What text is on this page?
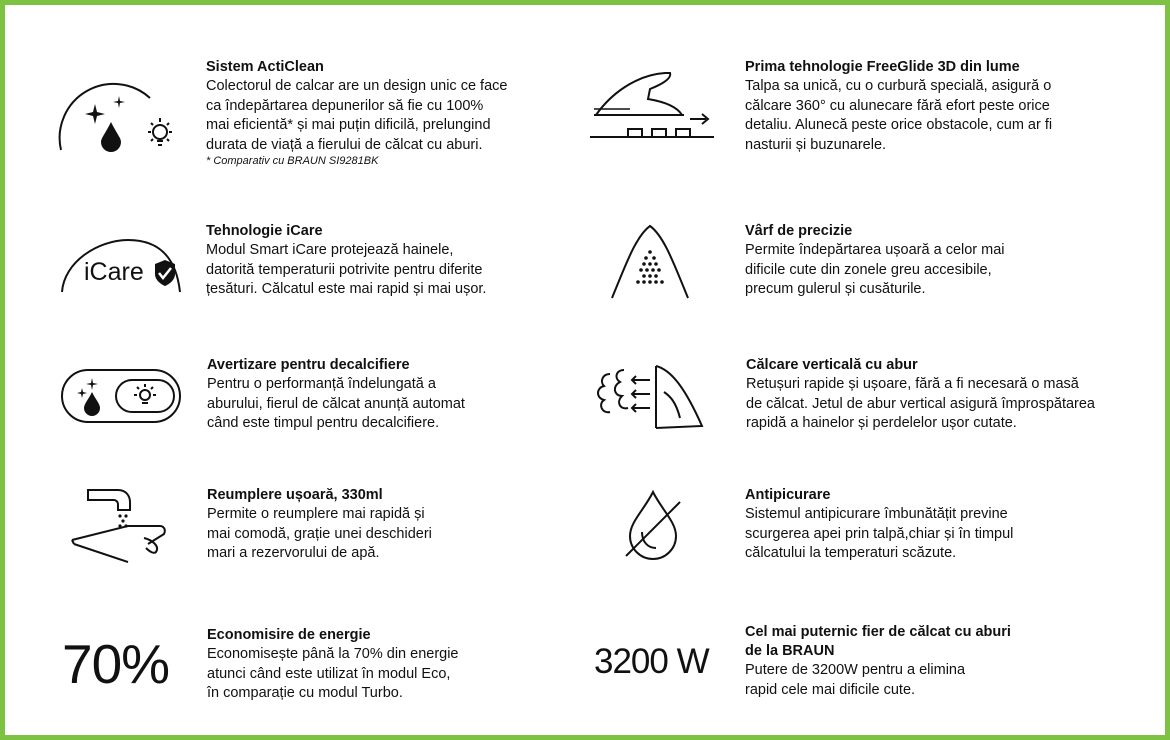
Sistem ActiClean
Colectorul de calcar are un design unic ce face
ca îndepărtarea depunerilor să fie cu 100%
mai eficientă* și mai puțin dificilă, prelungind
durata de viață a fierului de călcat cu aburi.
* Comparativ cu BRAUN SI9281BK
Prima tehnologie FreeGlide 3D din lume
Talpa sa unică, cu o curbură specială, asigură o
călcare 360° cu alunecare fără efort peste orice
detaliu. Alunecă peste orice obstacole, cum ar fi
nasturii și buzunarele.
iCare
Tehnologie iCare
Modul Smart iCare protejează hainele,
datorită temperaturii potrivite pentru diferite
țesături. Călcatul este mai rapid și mai ușor.
Vârf de precizie
Permite îndepărtarea ușoară a celor mai
dificile cute din zonele greu accesibile,
precum gulerul și cusăturile.
Avertizare pentru decalcifiere
Pentru o performanță îndelungată a
aburului, fierul de călcat anunță automat
când este timpul pentru decalcifiere.
Călcare verticală cu abur
Retușuri rapide și ușoare, fără a fi necesară o masă
de călcat. Jetul de abur vertical asigură împrospătarea
rapidă a hainelor și perdelelor ușor cutate.
Reumplere ușoară, 330ml
Permite o reumplere mai rapidă și
mai comodă, grație unei deschideri
mari a rezervorului de apă.
Antipicurare
Sistemul antipicurare îmbunătățit previne
scurgerea apei prin talpă,chiar și în timpul
călcatului la temperaturi scăzute.
70%	Economisire de energie
Economisește până la 70% din energie
atunci când este utilizat în modul Eco,
în comparație cu modul Turbo.
3200 W
Cel mai puternic fier de călcat cu aburi
de la BRAUN
Putere de 3200W pentru a elimina
rapid cele mai dificile cute.
